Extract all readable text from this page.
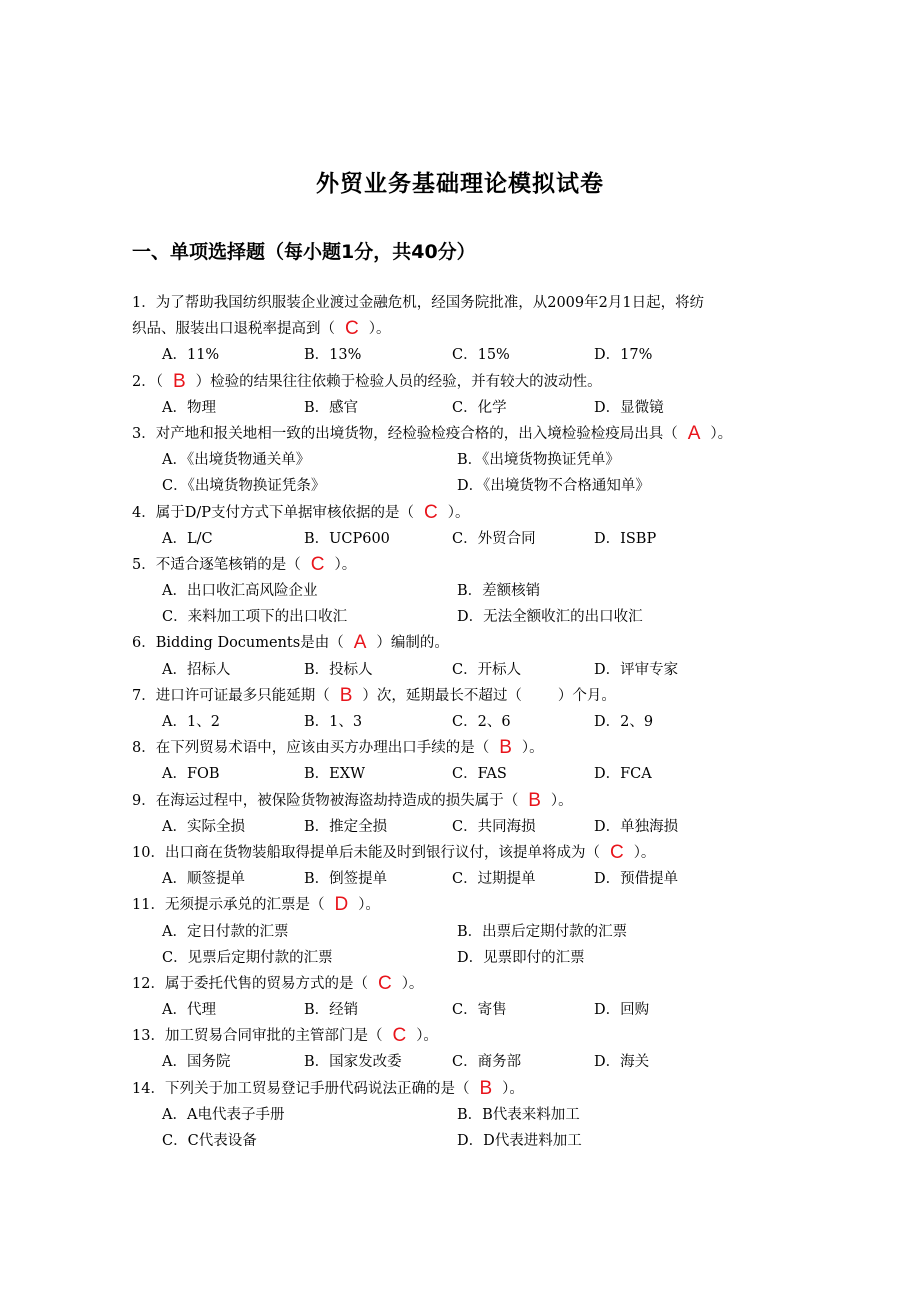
外贸业务基础理论模拟试卷
一、单项选择题（每小题1分，共40分）
1．为了帮助我国纺织服装企业渡过金融危机，经国务院批准，从2009年2月1日起，将纺
织品、服装出口退税率提高到（ C ）。
A．11%	B．13%	C．15%	D．17%
2．（ B ）检验的结果往往依赖于检验人员的经验，并有较大的波动性。
A．物理	B．感官	C．化学	D．显微镜
3．对产地和报关地相一致的出境货物，经检验检疫合格的，出入境检验检疫局出具（ A ）。
A．《出境货物通关单》	B．《出境货物换证凭单》
C．《出境货物换证凭条》	D．《出境货物不合格通知单》
4．属于D/P支付方式下单据审核依据的是（ C ）。
A．L/C	B．UCP600	C．外贸合同	D．ISBP
5．不适合逐笔核销的是（ C ）。
A．出口收汇高风险企业	B．差额核销
C．来料加工项下的出口收汇	D．无法全额收汇的出口收汇
6．Bidding Documents是由（ A ）编制的。
A．招标人	B．投标人	C．开标人	D．评审专家
7．进口许可证最多只能延期（ B ）次，延期最长不超过（ ）个月。
A．1、2	B．1、3	C．2、6	D．2、9
8．在下列贸易术语中，应该由买方办理出口手续的是（ B ）。
A．FOB	B．EXW	C．FAS	D．FCA
9．在海运过程中，被保险货物被海盗劫持造成的损失属于（ B ）。
A．实际全损	B．推定全损	C．共同海损	D．单独海损
10．出口商在货物装船取得提单后未能及时到银行议付，该提单将成为（ C ）。
A．顺签提单	B．倒签提单	C．过期提单	D．预借提单
11．无须提示承兑的汇票是（ D ）。
A．定日付款的汇票	B．出票后定期付款的汇票
C．见票后定期付款的汇票	D．见票即付的汇票
12．属于委托代售的贸易方式的是（ C ）。
A．代理	B．经销	C．寄售	D．回购
13．加工贸易合同审批的主管部门是（ C ）。
A．国务院	B．国家发改委	C．商务部	D．海关
14．下列关于加工贸易登记手册代码说法正确的是（ B ）。
A．A电代表子手册	B．B代表来料加工
C．C代表设备	D．D代表进料加工
